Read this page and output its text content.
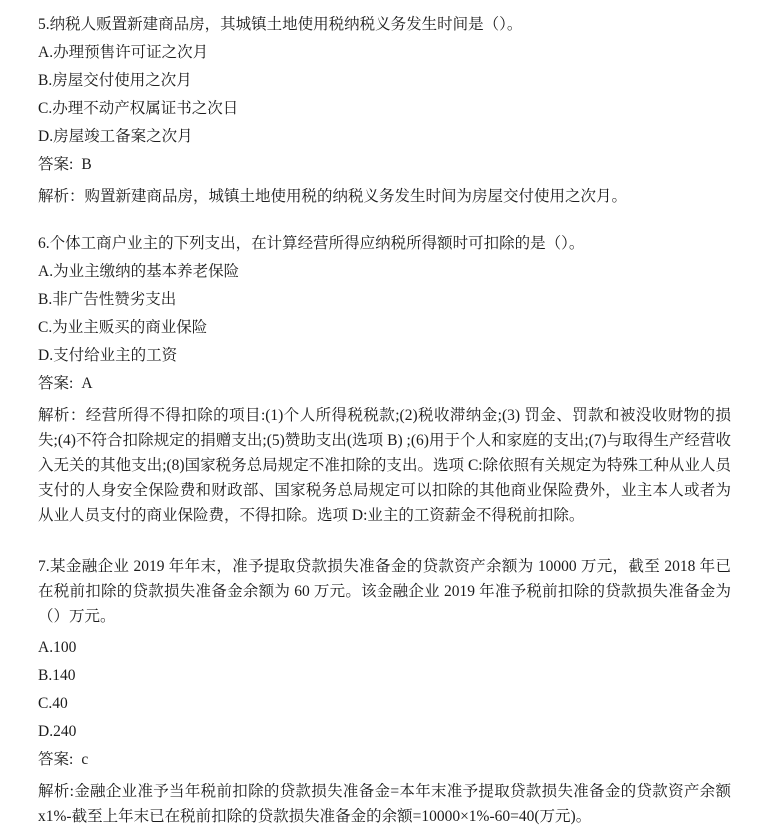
5.纳税人贩置新建商品房，其城镇土地使用税纳税义务发生时间是（）。

A.办理预售许可证之次月

B.房屋交付使用之次月

C.办理不动产权属证书之次日

D.房屋竣工备案之次月

答案: B

解析：购置新建商品房，城镇土地使用税的纳税义务发生时间为房屋交付使用之次月。

6.个体工商户业主的下列支出，在计算经营所得应纳税所得额时可扣除的是（）。

A.为业主缴纳的基本养老保险

B.非广告性赞劣支出

C.为业主贩买的商业保险

D.支付给业主的工资

答案: A

解析：经营所得不得扣除的项目:(1)个人所得税税款;(2)税收滞纳金;(3) 罚金、罚款和被没收财物的损失;(4)不符合扣除规定的捐赠支出;(5)赞助支出(选项 B) ;(6)用于个人和家庭的支出;(7)与取得生产经营收入无关的其他支出;(8)国家税务总局规定不准扣除的支出。选项 C:除依照有关规定为特殊工种从业人员支付的人身安全保险费和财政部、国家税务总局规定可以扣除的其他商业保险费外，业主本人或者为从业人员支付的商业保险费，不得扣除。选项 D:业主的工资薪金不得税前扣除。

7.某金融企业 2019 年年末，准予提取贷款损失准备金的贷款资产余额为 10000 万元，截至 2018 年已在税前扣除的贷款损失准备金余额为 60 万元。该金融企业 2019 年准予税前扣除的贷款损失准备金为（）万元。

A.100

B.140

C.40

D.240

答案: c

解析:金融企业准予当年税前扣除的贷款损失准备金=本年末准予提取贷款损失准备金的贷款资产余额 x1%-截至上年末已在税前扣除的贷款损失准备金的余额=10000×1%-60=40(万元)。
